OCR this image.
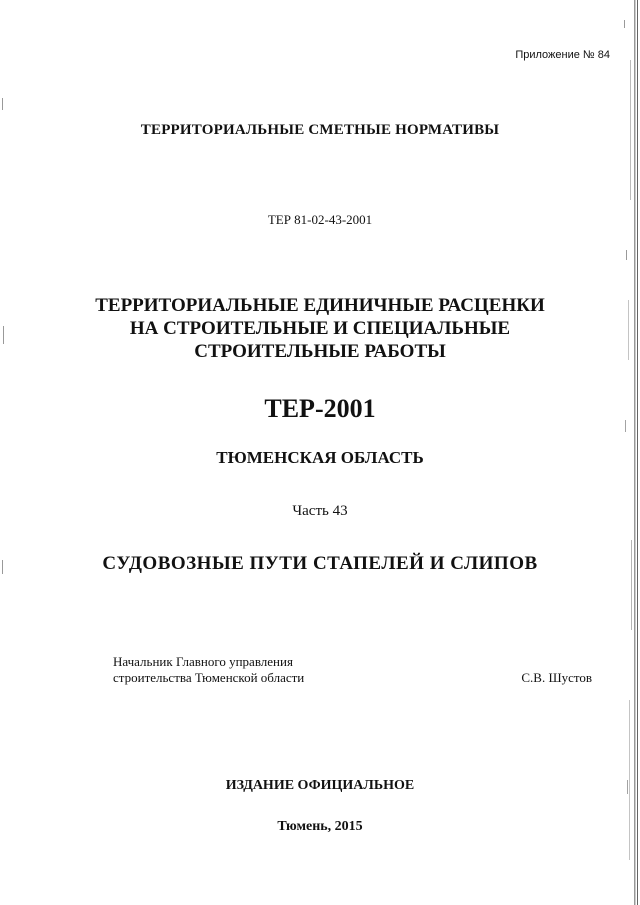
Приложение № 84
ТЕРРИТОРИАЛЬНЫЕ СМЕТНЫЕ НОРМАТИВЫ
ТЕР 81-02-43-2001
ТЕРРИТОРИАЛЬНЫЕ ЕДИНИЧНЫЕ РАСЦЕНКИ
НА СТРОИТЕЛЬНЫЕ И СПЕЦИАЛЬНЫЕ
СТРОИТЕЛЬНЫЕ РАБОТЫ
ТЕР-2001
ТЮМЕНСКАЯ ОБЛАСТЬ
Часть 43
СУДОВОЗНЫЕ ПУТИ СТАПЕЛЕЙ И СЛИПОВ
Начальник Главного управления
строительства Тюменской области	С.В. Шустов
ИЗДАНИЕ ОФИЦИАЛЬНОЕ
Тюмень, 2015
